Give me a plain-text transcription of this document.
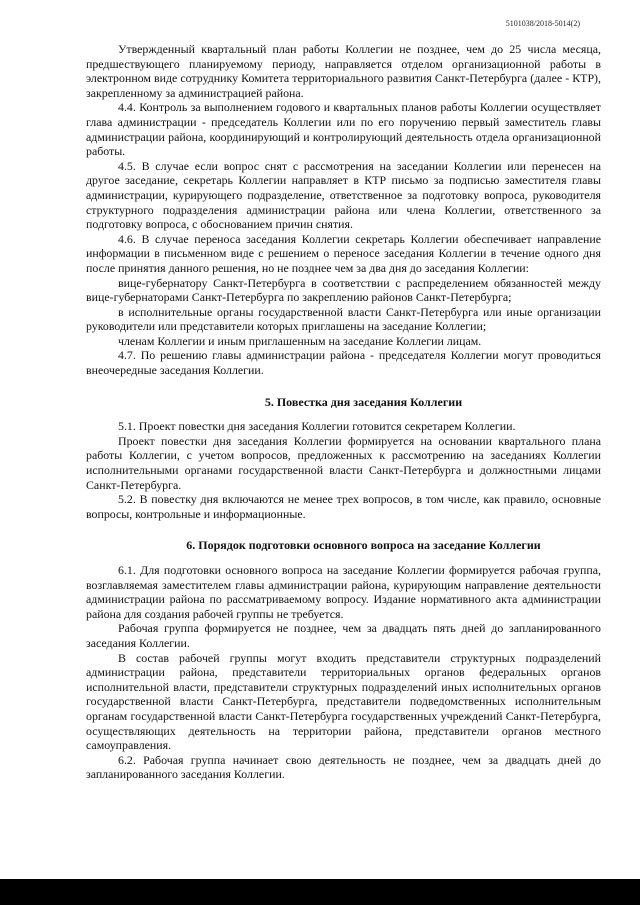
5101038/2018-5014(2)

Утвержденный квартальный план работы Коллегии не позднее, чем до 25 числа месяца, предшествующего планируемому периоду, направляется отделом организационной работы в электронном виде сотруднику Комитета территориального развития Санкт-Петербурга (далее - КТР), закрепленному за администрацией района.

4.4. Контроль за выполнением годового и квартальных планов работы Коллегии осуществляет глава администрации - председатель Коллегии или по его поручению первый заместитель главы администрации района, координирующий и контролирующий деятельность отдела организационной работы.

4.5. В случае если вопрос снят с рассмотрения на заседании Коллегии или перенесен на другое заседание, секретарь Коллегии направляет в КТР письмо за подписью заместителя главы администрации, курирующего подразделение, ответственное за подготовку вопроса, руководителя структурного подразделения администрации района или члена Коллегии, ответственного за подготовку вопроса, с обоснованием причин снятия.

4.6. В случае переноса заседания Коллегии секретарь Коллегии обеспечивает направление информации в письменном виде с решением о переносе заседания Коллегии в течение одного дня после принятия данного решения, но не позднее чем за два дня до заседания Коллегии:

вице-губернатору Санкт-Петербурга в соответствии с распределением обязанностей между вице-губернаторами Санкт-Петербурга по закреплению районов Санкт-Петербурга;

в исполнительные органы государственной власти Санкт-Петербурга или иные организации руководители или представители которых приглашены на заседание Коллегии;

членам Коллегии и иным приглашенным на заседание Коллегии лицам.

4.7. По решению главы администрации района - председателя Коллегии могут проводиться внеочередные заседания Коллегии.

5. Повестка дня заседания Коллегии

5.1. Проект повестки дня заседания Коллегии готовится секретарем Коллегии.

Проект повестки дня заседания Коллегии формируется на основании квартального плана работы Коллегии, с учетом вопросов, предложенных к рассмотрению на заседаниях Коллегии исполнительными органами государственной власти Санкт-Петербурга и должностными лицами Санкт-Петербурга.

5.2. В повестку дня включаются не менее трех вопросов, в том числе, как правило, основные вопросы, контрольные и информационные.

6. Порядок подготовки основного вопроса на заседание Коллегии

6.1. Для подготовки основного вопроса на заседание Коллегии формируется рабочая группа, возглавляемая заместителем главы администрации района, курирующим направление деятельности администрации района по рассматриваемому вопросу. Издание нормативного акта администрации района для создания рабочей группы не требуется.

Рабочая группа формируется не позднее, чем за двадцать пять дней до запланированного заседания Коллегии.

В состав рабочей группы могут входить представители структурных подразделений администрации района, представители территориальных органов федеральных органов исполнительной власти, представители структурных подразделений иных исполнительных органов государственной власти Санкт-Петербурга, представители подведомственных исполнительным органам государственной власти Санкт-Петербурга государственных учреждений Санкт-Петербурга, осуществляющих деятельность на территории района, представители органов местного самоуправления.

6.2. Рабочая группа начинает свою деятельность не позднее, чем за двадцать дней до запланированного заседания Коллегии.
